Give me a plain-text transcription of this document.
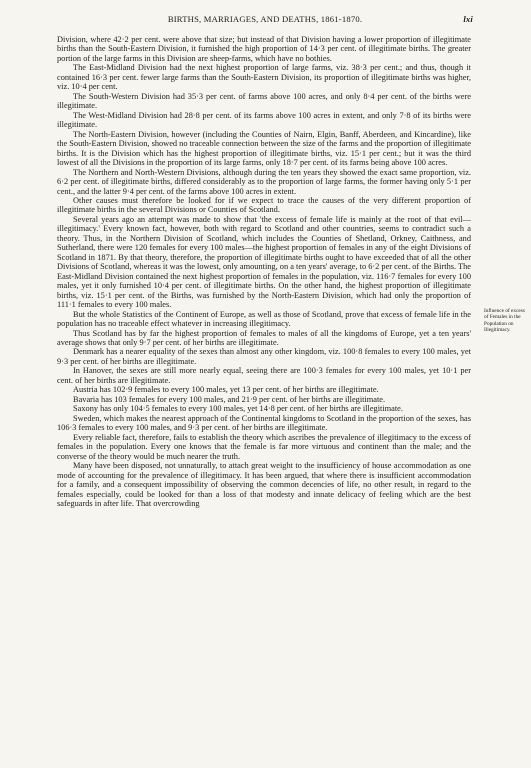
BIRTHS, MARRIAGES, AND DEATHS, 1861-1870.	lxi

Division, where 42·2 per cent. were above that size; but instead of that Division having a lower proportion of illegitimate births than the South-Eastern Division, it furnished the high proportion of 14·3 per cent. of illegitimate births. The greater portion of the large farms in this Division are sheep-farms, which have no bothies.

The East-Midland Division had the next highest proportion of large farms, viz. 38·3 per cent.; and thus, though it contained 16·3 per cent. fewer large farms than the South-Eastern Division, its proportion of illegitimate births was higher, viz. 10·4 per cent.

The South-Western Division had 35·3 per cent. of farms above 100 acres, and only 8·4 per cent. of the births were illegitimate.

The West-Midland Division had 28·8 per cent. of its farms above 100 acres in extent, and only 7·8 of its births were illegitimate.

The North-Eastern Division, however (including the Counties of Nairn, Elgin, Banff, Aberdeen, and Kincardine), like the South-Eastern Division, showed no traceable connection between the size of the farms and the proportion of illegitimate births. It is the Division which has the highest proportion of illegitimate births, viz. 15·1 per cent.; but it was the third lowest of all the Divisions in the proportion of its large farms, only 18·7 per cent. of its farms being above 100 acres.

The Northern and North-Western Divisions, although during the ten years they showed the exact same proportion, viz. 6·2 per cent. of illegitimate births, differed considerably as to the proportion of large farms, the former having only 5·1 per cent., and the latter 9·4 per cent. of the farms above 100 acres in extent.

Other causes must therefore be looked for if we expect to trace the causes of the very different proportion of illegitimate births in the several Divisions or Counties of Scotland.

Several years ago an attempt was made to show that 'the excess of female life is mainly at the root of that evil—illegitimacy.' Every known fact, however, both with regard to Scotland and other countries, seems to contradict such a theory. Thus, in the Northern Division of Scotland, which includes the Counties of Shetland, Orkney, Caithness, and Sutherland, there were 120 females for every 100 males—the highest proportion of females in any of the eight Divisions of Scotland in 1871. By that theory, therefore, the proportion of illegitimate births ought to have exceeded that of all the other Divisions of Scotland, whereas it was the lowest, only amounting, on a ten years' average, to 6·2 per cent. of the Births. The East-Midland Division contained the next highest proportion of females in the population, viz. 116·7 females for every 100 males, yet it only furnished 10·4 per cent. of illegitimate births. On the other hand, the highest proportion of illegitimate births, viz. 15·1 per cent. of the Births, was furnished by the North-Eastern Division, which had only the proportion of 111·1 females to every 100 males.

But the whole Statistics of the Continent of Europe, as well as those of Scotland, prove that excess of female life in the population has no traceable effect whatever in increasing illegitimacy.

Thus Scotland has by far the highest proportion of females to males of all the kingdoms of Europe, yet a ten years' average shows that only 9·7 per cent. of her births are illegitimate.

Denmark has a nearer equality of the sexes than almost any other kingdom, viz. 100·8 females to every 100 males, yet 9·3 per cent. of her births are illegitimate.

In Hanover, the sexes are still more nearly equal, seeing there are 100·3 females for every 100 males, yet 10·1 per cent. of her births are illegitimate.

Austria has 102·9 females to every 100 males, yet 13 per cent. of her births are illegitimate.

Bavaria has 103 females for every 100 males, and 21·9 per cent. of her births are illegitimate.

Saxony has only 104·5 females to every 100 males, yet 14·8 per cent. of her births are illegitimate.

Sweden, which makes the nearest approach of the Continental kingdoms to Scotland in the proportion of the sexes, has 106·3 females to every 100 males, and 9·3 per cent. of her births are illegitimate.

Every reliable fact, therefore, fails to establish the theory which ascribes the prevalence of illegitimacy to the excess of females in the population. Every one knows that the female is far more virtuous and continent than the male; and the converse of the theory would be much nearer the truth.

Many have been disposed, not unnaturally, to attach great weight to the insufficiency of house accommodation as one mode of accounting for the prevalence of illegitimacy. It has been argued, that where there is insufficient accommodation for a family, and a consequent impossibility of observing the common decencies of life, no other result, in regard to the females especially, could be looked for than a loss of that modesty and innate delicacy of feeling which are the best safeguards in after life. That overcrowding

Influence of excess of Females in the Population on Illegitimacy.
